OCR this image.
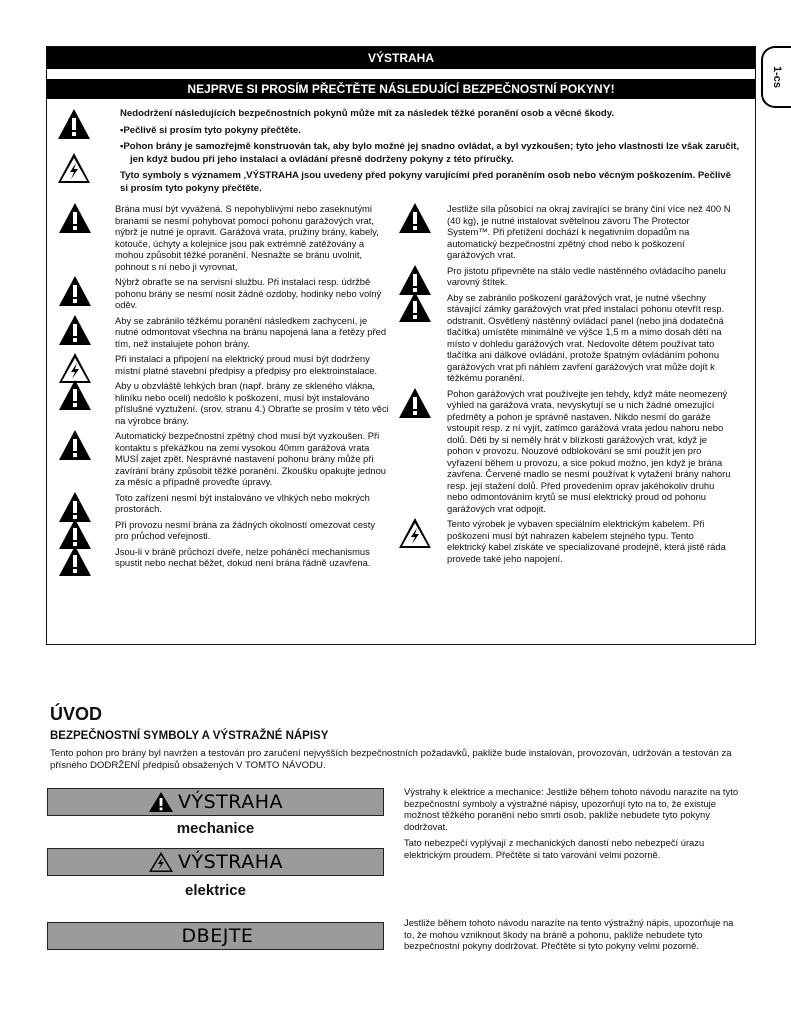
1-cs
VÝSTRAHA
NEJPRVE SI PROSÍM PŘEČTĚTE NÁSLEDUJÍCÍ BEZPEČNOSTNÍ POKYNY!

Nedodržení následujících bezpečnostních pokynů může mít za následek těžké poranění osob a věcné škody.

• Pečlivě si prosím tyto pokyny přečtěte.

• Pohon brány je samozřejmě konstruován tak, aby bylo možné jej snadno ovládat, a byl vyzkoušen; tyto jeho vlastnosti lze však zaručit, jen když budou při jeho instalaci a ovládání přesně dodrženy pokyny z této příručky.

Tyto symboly s významem ‚VÝSTRAHA jsou uvedeny před pokyny varujícími před poraněním osob nebo věcným poškozením. Pečlivě si prosím tyto pokyny přečtěte.

Brána musí být vyvážená. S nepohyblivými nebo zaseknutými branami se nesmí pohybovat pomocí pohonu garážových vrat, nýbrž je nutné je opravit. Garážová vrata, pružiny brány, kabely, kotouče, úchyty a kolejnice jsou pak extrémně zatěžovány a mohou způsobit těžké poranění. Nesnažte se bránu uvolnit, pohnout s ní nebo ji vyrovnat,

Nýbrž obraťte se na servisní službu. Při instalaci resp. údržbě pohonu brány se nesmí nosit žádné ozdoby, hodinky nebo volný oděv.

Aby se zabránilo těžkému poranění následkem zachycení, je nutné odmontovat všechna na bránu napojená lana a řetězy před tím, než instalujete pohon brány.

Při instalaci a připojení na elektrický proud musí být dodrženy místní platné stavební předpisy a předpisy pro elektroinstalace.

Aby u obzvláště lehkých bran (např. brány ze skleného vlákna, hliníku nebo oceli) nedošlo k poškození, musí být instalováno příslušné vyztužení. (srov. stranu 4.) Obraťte se prosím v této věci na výrobce brány.

Automatický bezpečnostní zpětný chod musí být vyzkoušen. Při kontaktu s překážkou na zemi vysokou 40mm garážová vrata MUSÍ zajet zpět. Nesprávné nastavení pohonu brány může při zavírání brány způsobit těžké poranění. Zkoušku opakujte jednou za měsíc a případně proveďte úpravy.

Toto zařízení nesmí být instalováno ve vlhkých nebo mokrých prostorách.

Při provozu nesmí brána za žádných okolností omezovat cesty pro průchod veřejnosti.

Jsou-li v bráně průchozí dveře, nelze poháněcí mechanismus spustit nebo nechat běžet, dokud není brána řádně uzavřena.

Jestliže síla působící na okraj zavírající se brány činí více než 400 N (40 kg), je nutné instalovat světelnou závoru The Protector System™. Při přetížení dochází k negativním dopadům na automatický bezpečnostní zpětný chod nebo k poškození garážových vrat.

Pro jistotu připevněte na stálo vedle nástěnného ovládacího panelu varovný štítek.

Aby se zabránilo poškození garážových vrat, je nutné všechny stávající zámky garážových vrat před instalací pohonu otevřít resp. odstranit. Osvětlený nástěnný ovládací panel (nebo jiná dodatečná tlačítka) umístěte minimálně ve výšce 1,5 m a mimo dosah dětí na místo v dohledu garážových vrat. Nedovolte dětem používat tato tlačítka ani dálkové ovládání, protože špatným ovládáním pohonu garážových vrat při náhlém zavření garážových vrat může dojít k těžkému poranění.

Pohon garážových vrat používejte jen tehdy, když máte neomezený výhled na garážová vrata, nevyskytují se u nich žádné omezující předměty a pohon je správně nastaven. Nikdo nesmí do garáže vstoupit resp. z ní vyjít, zatímco garážová vrata jedou nahoru nebo dolů. Děti by si neměly hrát v blízkosti garážových vrat, když je pohon v provozu. Nouzové odblokování se smí použít jen pro vyřazení během u provozu, a sice pokud možno, jen když je brána zavřena. Červené madlo se nesmí používat k vytažení brány nahoru resp. její stažení dolů. Před provedením oprav jakéhokoliv druhu nebo odmontováním krytů se musí elektrický proud od pohonu garážových vrat odpojit.

Tento výrobek je vybaven speciálním elektrickým kabelem. Při poškození musí být nahrazen kabelem stejného typu. Tento elektrický kabel získáte ve specializované prodejně, která jistě ráda provede také jeho napojení.

ÚVOD
BEZPEČNOSTNÍ SYMBOLY A VÝSTRAŽNÉ NÁPISY
Tento pohon pro brány byl navržen a testován pro zaručení nejvyšších bezpečnostních požadavků, pakliže bude instalován, provozován, udržován a testován za přísného DODRŽENÍ předpisů obsažených V TOMTO NÁVODU.
VÝSTRAHA
mechanice
VÝSTRAHA
elektrice
DBEJTE

Výstrahy k elektrice a mechanice: Jestliže během tohoto návodu narazíte na tyto bezpečnostní symboly a výstražné nápisy, upozorňují tyto na to, že existuje možnost těžkého poranění nebo smrti osob, pakliže nebudete tyto pokyny dodržovat.

Tato nebezpečí vyplývají z mechanických daností nebo nebezpečí úrazu elektrickým proudem. Přečtěte si tato varování velmi pozorně.

Jestliže během tohoto návodu narazíte na tento výstražný nápis, upozorňuje na to, že mohou vzniknout škody na bráně a pohonu, pakliže nebudete tyto bezpečnostní pokyny dodržovat. Přečtěte si tyto pokyny velmi pozorně.
